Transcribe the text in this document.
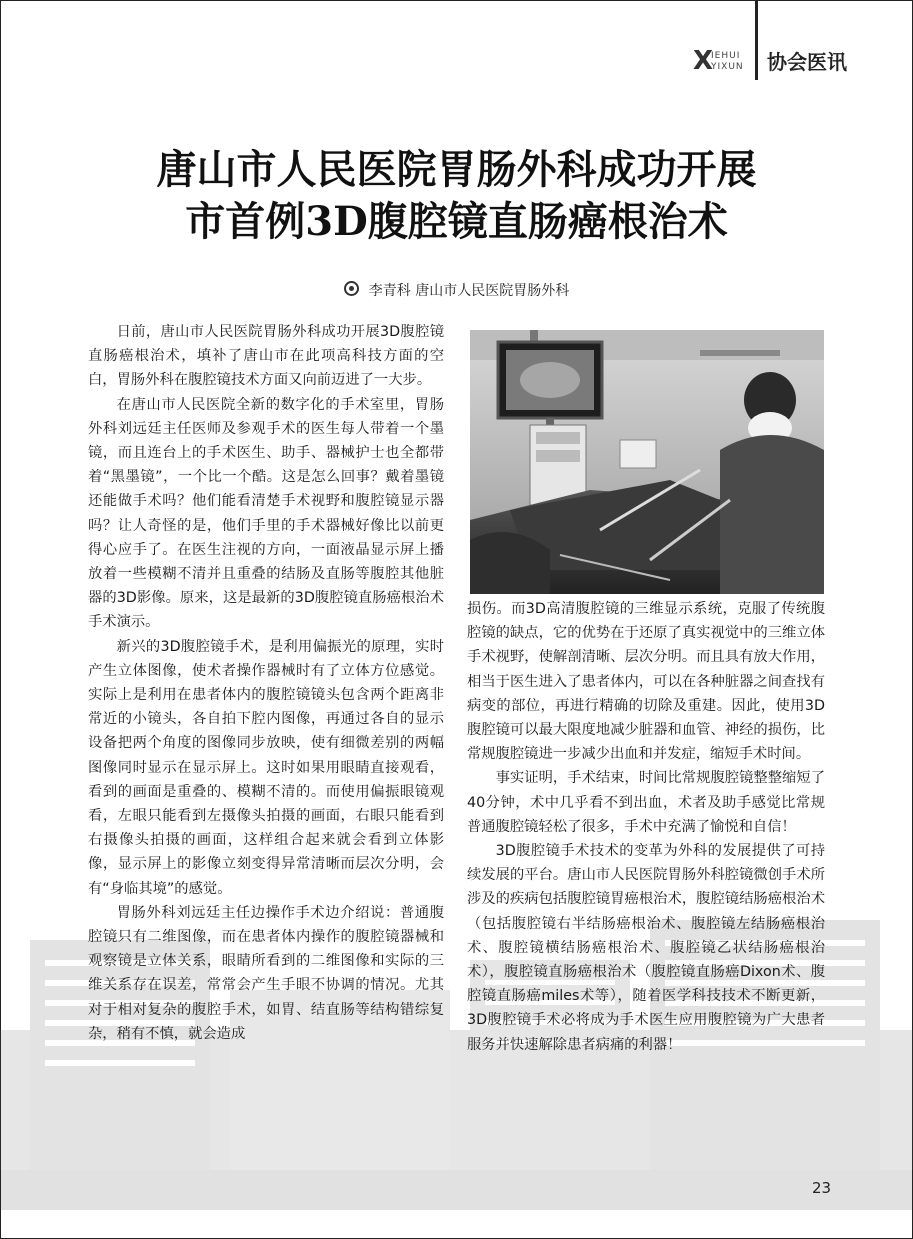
X
IEHUI
YIXUN 协会医讯
唐山市人民医院胃肠外科成功开展
市首例3D腹腔镜直肠癌根治术
李青科 唐山市人民医院胃肠外科

日前，唐山市人民医院胃肠外科成功开展3D腹腔镜直肠癌根治术，填补了唐山市在此项高科技方面的空白，胃肠外科在腹腔镜技术方面又向前迈进了一大步。

在唐山市人民医院全新的数字化的手术室里，胃肠外科刘远廷主任医师及参观手术的医生每人带着一个墨镜，而且连台上的手术医生、助手、器械护士也全都带着“黑墨镜”，一个比一个酷。这是怎么回事？戴着墨镜还能做手术吗？他们能看清楚手术视野和腹腔镜显示器吗？让人奇怪的是，他们手里的手术器械好像比以前更得心应手了。在医生注视的方向，一面液晶显示屏上播放着一些模糊不清并且重叠的结肠及直肠等腹腔其他脏器的3D影像。原来，这是最新的3D腹腔镜直肠癌根治术手术演示。

新兴的3D腹腔镜手术，是利用偏振光的原理，实时产生立体图像，使术者操作器械时有了立体方位感觉。实际上是利用在患者体内的腹腔镜镜头包含两个距离非常近的小镜头，各自拍下腔内图像，再通过各自的显示设备把两个角度的图像同步放映，使有细微差别的两幅图像同时显示在显示屏上。这时如果用眼睛直接观看，看到的画面是重叠的、模糊不清的。而使用偏振眼镜观看，左眼只能看到左摄像头拍摄的画面，右眼只能看到右摄像头拍摄的画面，这样组合起来就会看到立体影像，显示屏上的影像立刻变得异常清晰而层次分明，会有“身临其境”的感觉。

胃肠外科刘远廷主任边操作手术边介绍说：普通腹腔镜只有二维图像，而在患者体内操作的腹腔镜器械和观察镜是立体关系，眼睛所看到的二维图像和实际的三维关系存在误差，常常会产生手眼不协调的情况。尤其对于相对复杂的腹腔手术，如胃、结直肠等结构错综复杂，稍有不慎，就会造成

损伤。而3D高清腹腔镜的三维显示系统，克服了传统腹腔镜的缺点，它的优势在于还原了真实视觉中的三维立体手术视野，使解剖清晰、层次分明。而且具有放大作用，相当于医生进入了患者体内，可以在各种脏器之间查找有病变的部位，再进行精确的切除及重建。因此，使用3D腹腔镜可以最大限度地减少脏器和血管、神经的损伤，比常规腹腔镜进一步减少出血和并发症，缩短手术时间。

事实证明，手术结束，时间比常规腹腔镜整整缩短了40分钟，术中几乎看不到出血，术者及助手感觉比常规普通腹腔镜轻松了很多，手术中充满了愉悦和自信！

3D腹腔镜手术技术的变革为外科的发展提供了可持续发展的平台。唐山市人民医院胃肠外科腔镜微创手术所涉及的疾病包括腹腔镜胃癌根治术，腹腔镜结肠癌根治术（包括腹腔镜右半结肠癌根治术、腹腔镜左结肠癌根治术、腹腔镜横结肠癌根治术、腹腔镜乙状结肠癌根治术），腹腔镜直肠癌根治术（腹腔镜直肠癌Dixon术、腹腔镜直肠癌miles术等），随着医学科技技术不断更新，3D腹腔镜手术必将成为手术医生应用腹腔镜为广大患者服务并快速解除患者病痛的利器！

23
